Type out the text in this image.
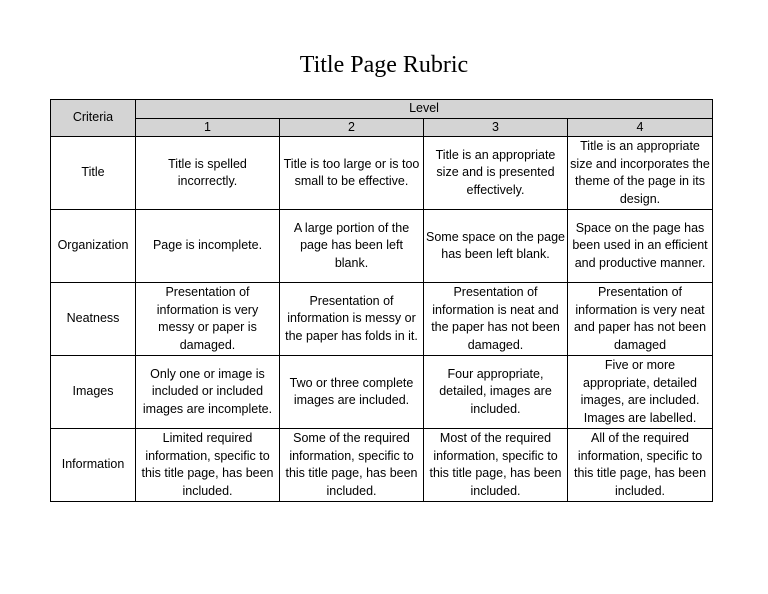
Title Page Rubric
Criteria	Level			
	1	2	3	4
Title	Title is spelled incorrectly.	Title is too large or is too small to be effective.	Title is an appropriate size and is presented effectively.	Title is an appropriate size and incorporates the theme of the page in its design.
Organization	Page is incomplete.	A large portion of the page has been left blank.	Some space on the page has been left blank.	Space on the page has been used in an efficient and productive manner.
Neatness	Presentation of information is very messy or paper is damaged.	Presentation of information is messy or the paper has folds in it.	Presentation of information is neat and the paper has not been damaged.	Presentation of information is very neat and paper has not been damaged
Images	Only one or image is included or included images are incomplete.	Two or three complete images are included.	Four appropriate, detailed, images are included.	Five or more appropriate, detailed images, are included. Images are labelled.
Information	Limited required information, specific to this title page, has been included.	Some of the required information, specific to this title page, has been included.	Most of the required information, specific to this title page, has been included.	All of the required information, specific to this title page, has been included.
